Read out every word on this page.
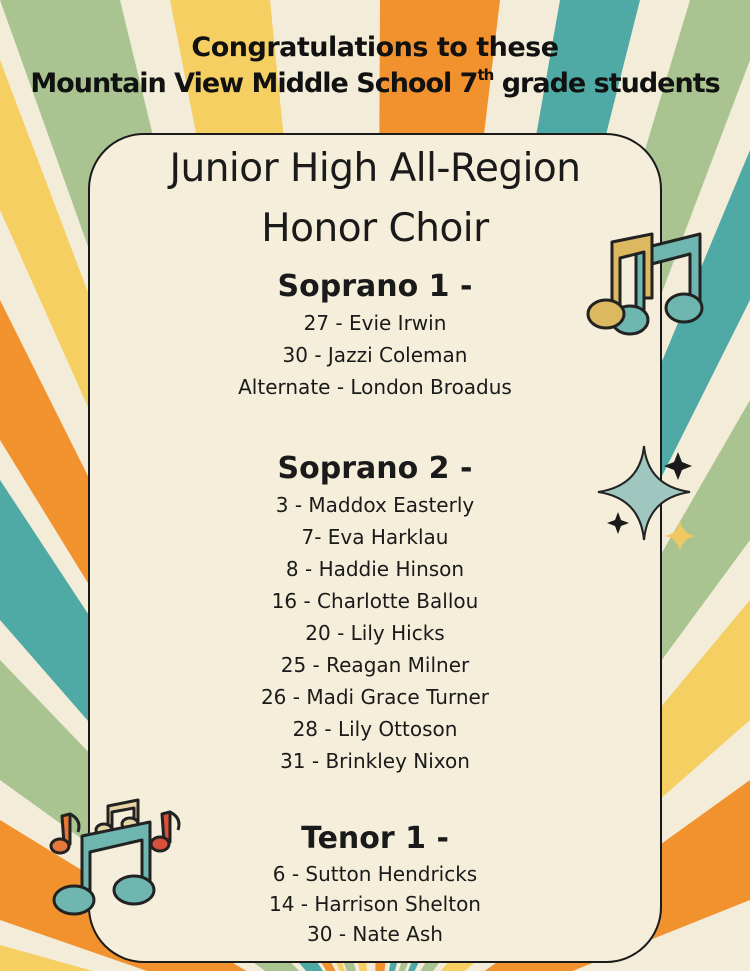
Congratulations to these
Mountain View Middle School 7th grade students
Junior High All-Region
Honor Choir
Soprano 1 -
27 - Evie Irwin
30 - Jazzi Coleman
Alternate - London Broadus
Soprano 2 -
3 - Maddox Easterly
7- Eva Harklau
8 - Haddie Hinson
16 - Charlotte Ballou
20 - Lily Hicks
25 - Reagan Milner
26 - Madi Grace Turner
28 - Lily Ottoson
31 - Brinkley Nixon
Tenor 1 -
6 - Sutton Hendricks
14 - Harrison Shelton
30 - Nate Ash
